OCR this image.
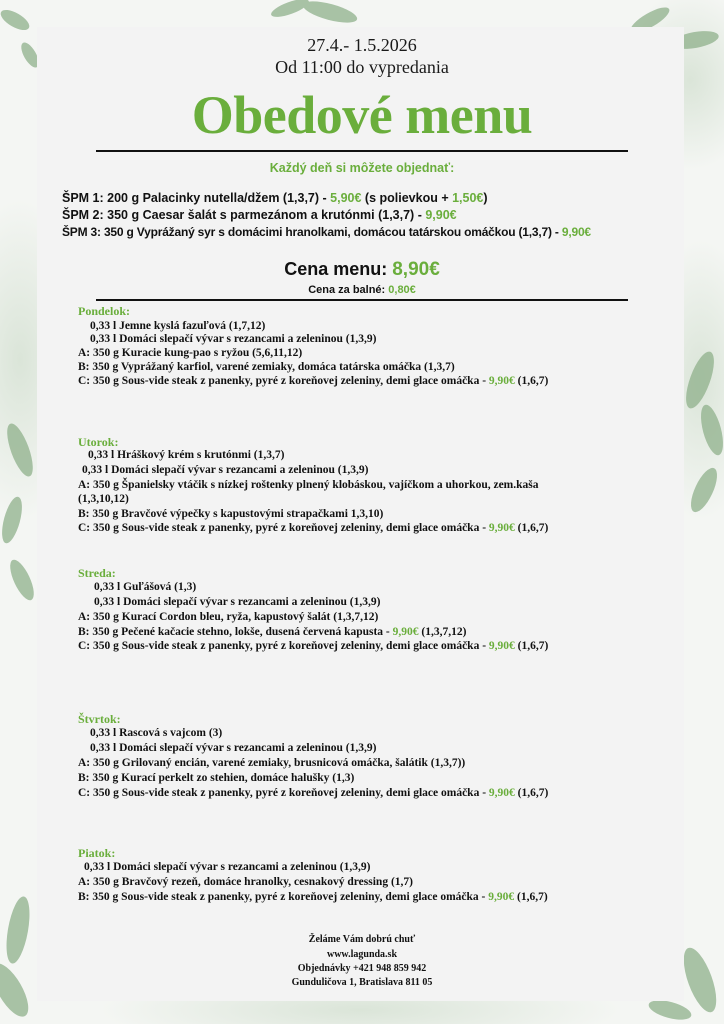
27.4.- 1.5.2026
Od 11:00 do vypredania
Obedové menu
Každý deň si môžete objednať:
ŠPM 1: 200 g Palacinky nutella/džem (1,3,7) - 5,90€ (s polievkou + 1,50€)
ŠPM 2: 350 g Caesar šalát s parmezánom a krutónmi (1,3,7) - 9,90€
ŠPM 3: 350 g Vyprážaný syr s domácimi hranolkami, domácou tatárskou omáčkou (1,3,7) - 9,90€
Cena menu: 8,90€
Cena za balné: 0,80€
Pondelok:
0,33 l Jemne kyslá fazuľová (1,7,12)
0,33 l Domáci slepačí vývar s rezancami a zeleninou (1,3,9)
A: 350 g Kuracie kung-pao s ryžou (5,6,11,12)
B: 350 g Vyprážaný karfiol, varené zemiaky, domáca tatárska omáčka (1,3,7)
C: 350 g Sous-vide steak z panenky, pyré z koreňovej zeleniny, demi glace omáčka - 9,90€ (1,6,7)
Utorok:
0,33 l Hráškový krém s krutónmi (1,3,7)
0,33 l Domáci slepačí vývar s rezancami a zeleninou (1,3,9)
A: 350 g Španielsky vtáčik s nízkej roštenky plnený klobáskou, vajíčkom a uhorkou, zem.kaša
(1,3,10,12)
B: 350 g Bravčové výpečky s kapustovými strapačkami 1,3,10)
C: 350 g Sous-vide steak z panenky, pyré z koreňovej zeleniny, demi glace omáčka - 9,90€ (1,6,7)
Streda:
0,33 l Guľášová (1,3)
0,33 l Domáci slepačí vývar s rezancami a zeleninou (1,3,9)
A: 350 g Kurací Cordon bleu, ryža, kapustový šalát (1,3,7,12)
B: 350 g Pečené kačacie stehno, lokše, dusená červená kapusta - 9,90€ (1,3,7,12)
C: 350 g Sous-vide steak z panenky, pyré z koreňovej zeleniny, demi glace omáčka - 9,90€ (1,6,7)
Štvrtok:
0,33 l Rascová s vajcom (3)
0,33 l Domáci slepačí vývar s rezancami a zeleninou (1,3,9)
A: 350 g Grilovaný encián, varené zemiaky, brusnicová omáčka, šalátik (1,3,7))
B: 350 g Kurací perkelt zo stehien, domáce halušky (1,3)
C: 350 g Sous-vide steak z panenky, pyré z koreňovej zeleniny, demi glace omáčka - 9,90€ (1,6,7)
Piatok:
0,33 l Domáci slepačí vývar s rezancami a zeleninou (1,3,9)
A: 350 g Bravčový rezeň, domáce hranolky, cesnakový dressing (1,7)
B: 350 g Sous-vide steak z panenky, pyré z koreňovej zeleniny, demi glace omáčka - 9,90€ (1,6,7)
Želáme Vám dobrú chuť
www.lagunda.sk
Objednávky +421 948 859 942
Gunduličova 1, Bratislava 811 05
